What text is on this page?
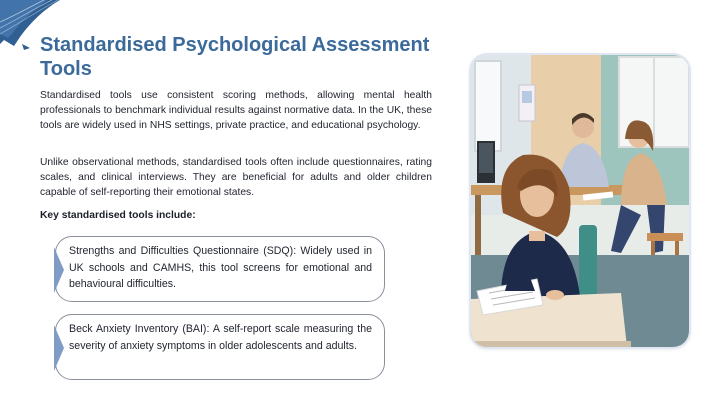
Standardised Psychological Assessment Tools

Standardised tools use consistent scoring methods, allowing mental health professionals to benchmark individual results against normative data. In the UK, these tools are widely used in NHS settings, private practice, and educational psychology.

Unlike observational methods, standardised tools often include questionnaires, rating scales, and clinical interviews. They are beneficial for adults and older children capable of self-reporting their emotional states.

Key standardised tools include:

Strengths and Difficulties Questionnaire (SDQ): Widely used in UK schools and CAMHS, this tool screens for emotional and behavioural difficulties.
Beck Anxiety Inventory (BAI): A self-report scale measuring the severity of anxiety symptoms in older adolescents and adults.
